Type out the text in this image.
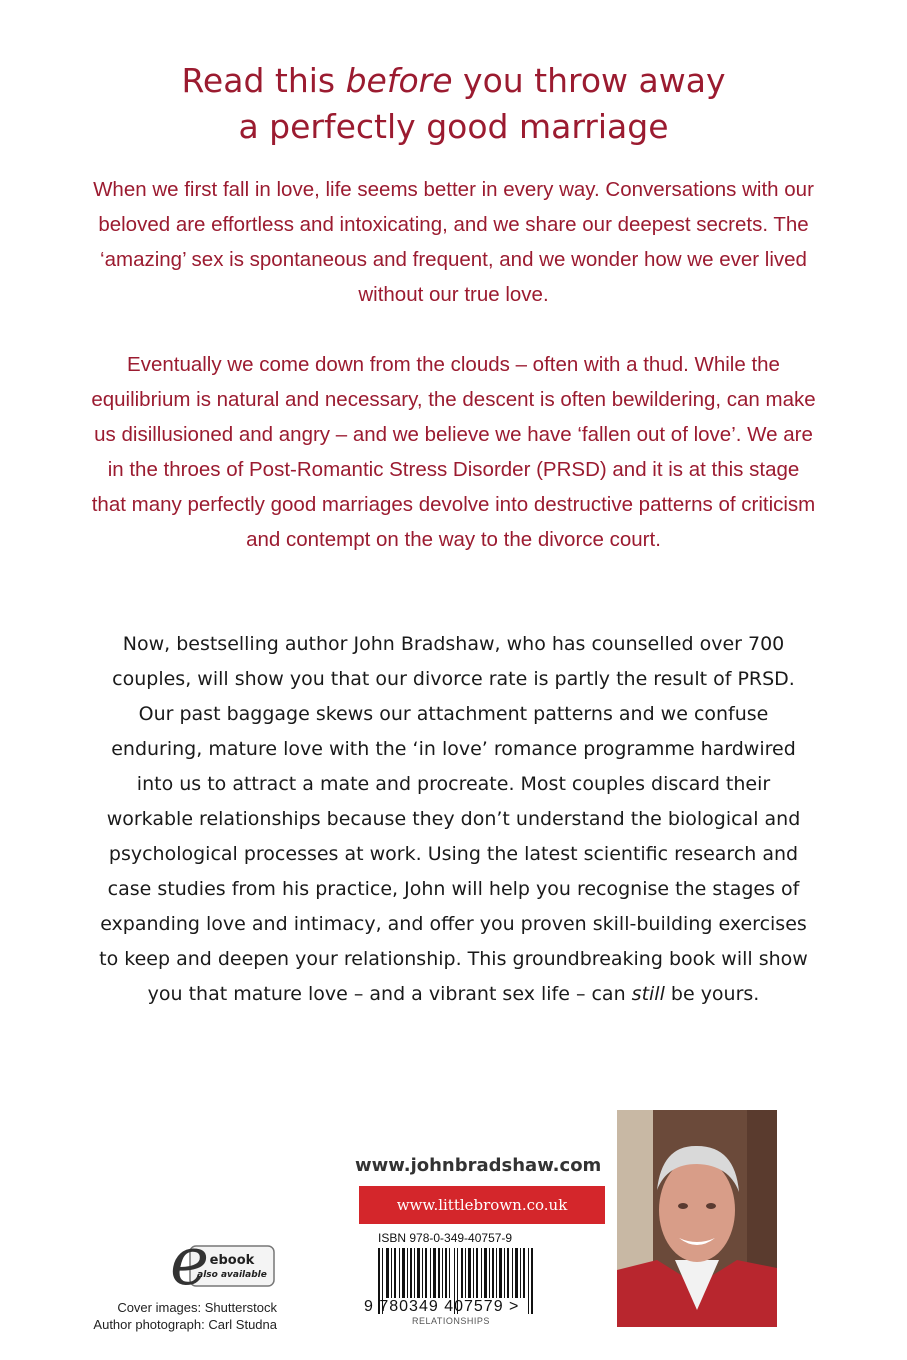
Read this before you throw away
a perfectly good marriage

When we first fall in love, life seems better in every way. Conversations with our beloved are effortless and intoxicating, and we share our deepest secrets. The ‘amazing’ sex is spontaneous and frequent, and we wonder how we ever lived without our true love.

Eventually we come down from the clouds – often with a thud. While the equilibrium is natural and necessary, the descent is often bewildering, can make us disillusioned and angry – and we believe we have ‘fallen out of love’. We are in the throes of Post-Romantic Stress Disorder (PRSD) and it is at this stage that many perfectly good marriages devolve into destructive patterns of criticism and contempt on the way to the divorce court.

Now, bestselling author John Bradshaw, who has counselled over 700 couples, will show you that our divorce rate is partly the result of PRSD. Our past baggage skews our attachment patterns and we confuse enduring, mature love with the ‘in love’ romance programme hardwired into us to attract a mate and procreate. Most couples discard their workable relationships because they don’t understand the biological and psychological processes at work. Using the latest scientific research and case studies from his practice, John will help you recognise the stages of expanding love and intimacy, and offer you proven skill-building exercises to keep and deepen your relationship. This groundbreaking book will show you that mature love – and a vibrant sex life – can still be yours.

www.johnbradshaw.com
www.littlebrown.co.uk
ISBN 978-0-349-40757-9
9 780349 407579 >
RELATIONSHIPS
e ebook
also available
Cover images: Shutterstock
Author photograph: Carl Studna
